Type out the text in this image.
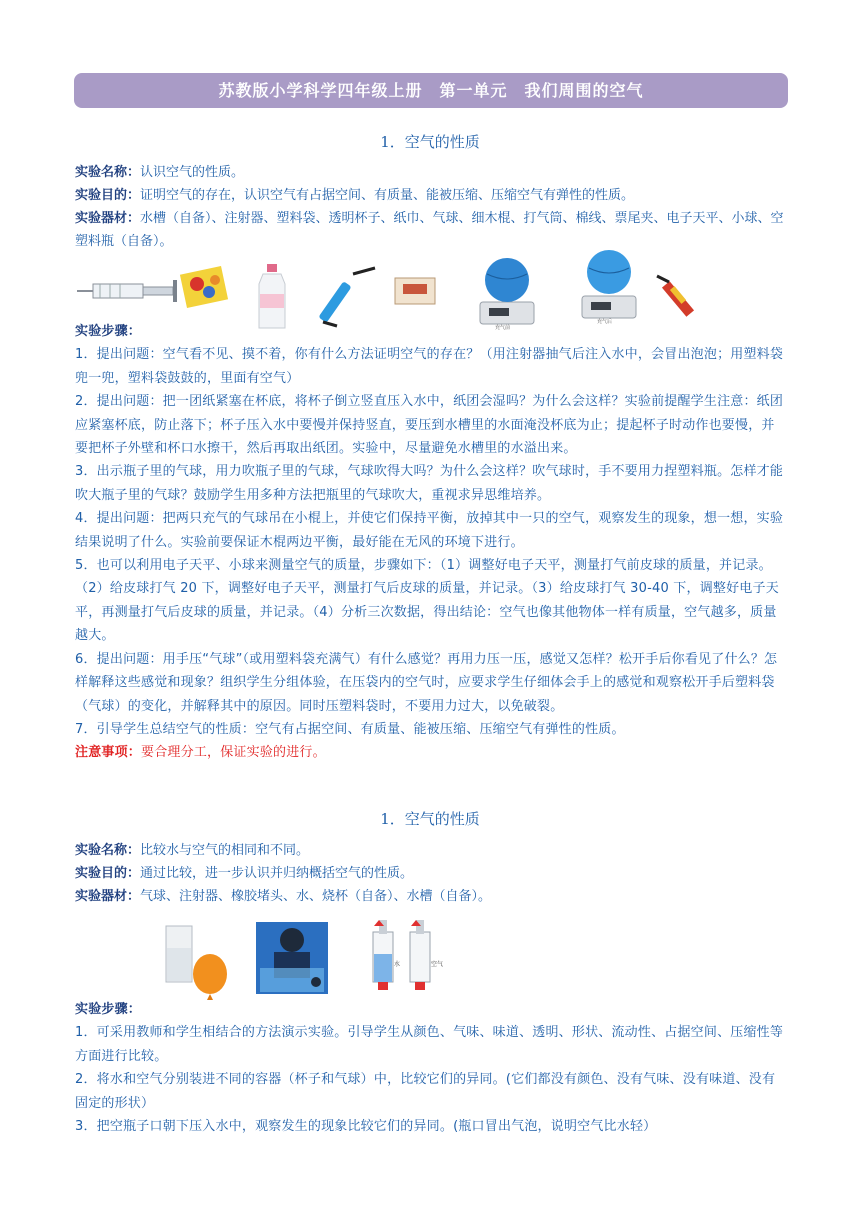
苏教版小学科学四年级上册　第一单元　我们周围的空气
1．空气的性质

实验名称：认识空气的性质。

实验目的：证明空气的存在，认识空气有占据空间、有质量、能被压缩、压缩空气有弹性的性质。

实验器材：水槽（自备）、注射器、塑料袋、透明杯子、纸巾、气球、细木棍、打气筒、棉线、票尾夹、电子天平、小球、空塑料瓶（自备）。

充气前
充气后

实验步骤：

1．提出问题：空气看不见、摸不着，你有什么方法证明空气的存在？（用注射器抽气后注入水中，会冒出泡泡；用塑料袋兜一兜，塑料袋鼓鼓的，里面有空气）

2．提出问题：把一团纸紧塞在杯底，将杯子倒立竖直压入水中，纸团会湿吗？为什么会这样？实验前提醒学生注意：纸团应紧塞杯底，防止落下；杯子压入水中要慢并保持竖直，要压到水槽里的水面淹没杯底为止；提起杯子时动作也要慢，并要把杯子外壁和杯口水擦干，然后再取出纸团。实验中，尽量避免水槽里的水溢出来。

3．出示瓶子里的气球，用力吹瓶子里的气球，气球吹得大吗？为什么会这样？吹气球时，手不要用力捏塑料瓶。怎样才能吹大瓶子里的气球？鼓励学生用多种方法把瓶里的气球吹大，重视求异思维培养。

4．提出问题：把两只充气的气球吊在小棍上，并使它们保持平衡，放掉其中一只的空气，观察发生的现象，想一想，实验结果说明了什么。实验前要保证木棍两边平衡，最好能在无风的环境下进行。

5．也可以利用电子天平、小球来测量空气的质量，步骤如下：（1）调整好电子天平，测量打气前皮球的质量，并记录。（2）给皮球打气 20 下，调整好电子天平，测量打气后皮球的质量，并记录。（3）给皮球打气 30-40 下，调整好电子天平，再测量打气后皮球的质量，并记录。（4）分析三次数据，得出结论：空气也像其他物体一样有质量，空气越多，质量越大。

6．提出问题：用手压“气球”（或用塑料袋充满气）有什么感觉？再用力压一压，感觉又怎样？松开手后你看见了什么？怎样解释这些感觉和现象？组织学生分组体验，在压袋内的空气时，应要求学生仔细体会手上的感觉和观察松开手后塑料袋（气球）的变化，并解释其中的原因。同时压塑料袋时，不要用力过大，以免破裂。

7．引导学生总结空气的性质：空气有占据空间、有质量、能被压缩、压缩空气有弹性的性质。

注意事项：要合理分工，保证实验的进行。

1．空气的性质

实验名称：比较水与空气的相同和不同。

实验目的：通过比较，进一步认识并归纳概括空气的性质。

实验器材：气球、注射器、橡胶堵头、水、烧杯（自备）、水槽（自备）。

水	空气

实验步骤：

1．可采用教师和学生相结合的方法演示实验。引导学生从颜色、气味、味道、透明、形状、流动性、占据空间、压缩性等方面进行比较。

2．将水和空气分别装进不同的容器（杯子和气球）中，比较它们的异同。(它们都没有颜色、没有气味、没有味道、没有固定的形状）

3．把空瓶子口朝下压入水中，观察发生的现象比较它们的异同。(瓶口冒出气泡，说明空气比水轻）
